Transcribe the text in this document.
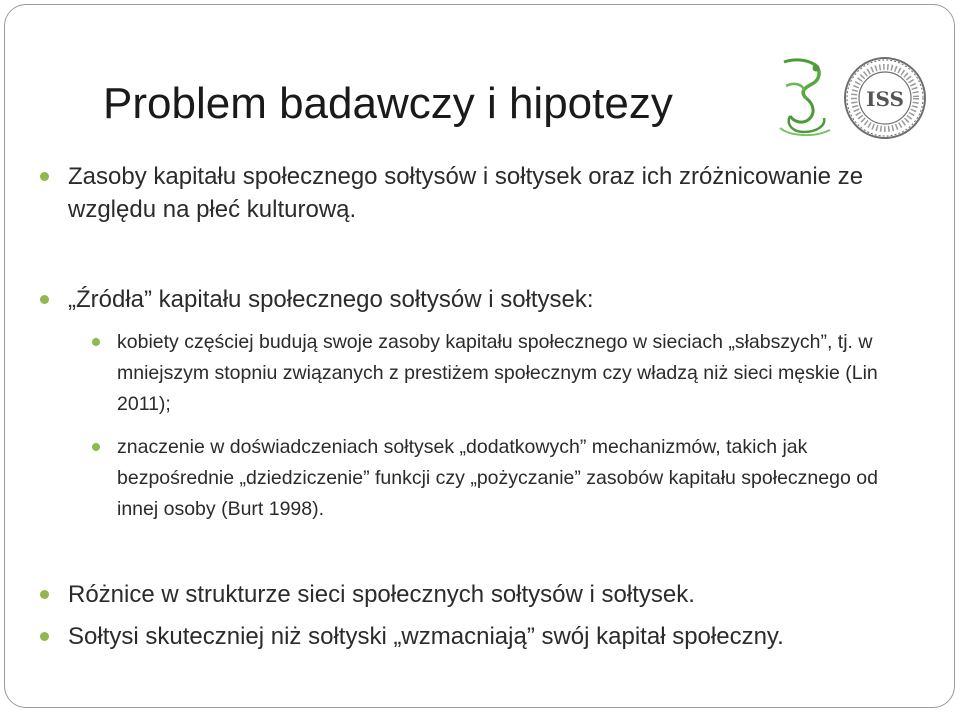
Problem badawczy i hipotezy	ISS
Zasoby kapitału społecznego sołtysów i sołtysek oraz ich zróżnicowanie ze względu na płeć kulturową.
„Źródła” kapitału społecznego sołtysów i sołtysek:
kobiety częściej budują swoje zasoby kapitału społecznego w sieciach „słabszych”, tj. w mniejszym stopniu związanych z prestiżem społecznym czy władzą niż sieci męskie (Lin 2011);
znaczenie w doświadczeniach sołtysek „dodatkowych” mechanizmów, takich jak bezpośrednie „dziedziczenie” funkcji czy „pożyczanie” zasobów kapitału społecznego od innej osoby (Burt 1998).
Różnice w strukturze sieci społecznych sołtysów i sołtysek.
Sołtysi skuteczniej niż sołtyski „wzmacniają” swój kapitał społeczny.
